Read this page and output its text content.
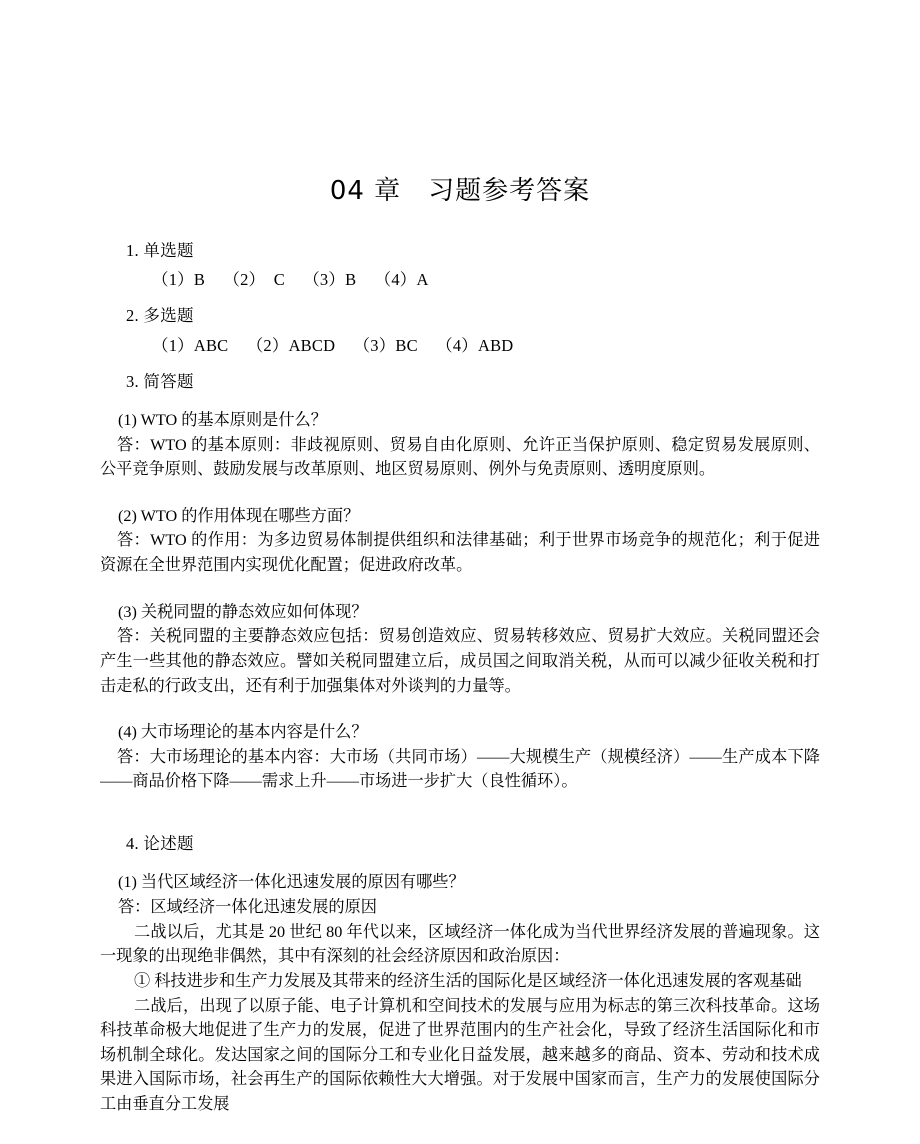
04 章　习题参考答案
1. 单选题
（1）B （2）　C （3）B （4）A
2. 多选题
（1）ABC （2）ABCD （3）BC （4）ABD
3. 简答题

(1) WTO 的基本原则是什么？

答：WTO 的基本原则：非歧视原则、贸易自由化原则、允许正当保护原则、稳定贸易发展原则、公平竞争原则、鼓励发展与改革原则、地区贸易原则、例外与免责原则、透明度原则。

(2) WTO 的作用体现在哪些方面？

答：WTO 的作用：为多边贸易体制提供组织和法律基础；利于世界市场竞争的规范化；利于促进资源在全世界范围内实现优化配置；促进政府改革。

(3) 关税同盟的静态效应如何体现？

答：关税同盟的主要静态效应包括：贸易创造效应、贸易转移效应、贸易扩大效应。关税同盟还会产生一些其他的静态效应。譬如关税同盟建立后，成员国之间取消关税，从而可以减少征收关税和打击走私的行政支出，还有利于加强集体对外谈判的力量等。

(4) 大市场理论的基本内容是什么？

答：大市场理论的基本内容：大市场（共同市场）——大规模生产（规模经济）——生产成本下降——商品价格下降——需求上升——市场进一步扩大（良性循环）。

4. 论述题

(1) 当代区域经济一体化迅速发展的原因有哪些？

答：区域经济一体化迅速发展的原因

二战以后，尤其是 20 世纪 80 年代以来，区域经济一体化成为当代世界经济发展的普遍现象。这一现象的出现绝非偶然，其中有深刻的社会经济原因和政治原因：

① 科技进步和生产力发展及其带来的经济生活的国际化是区域经济一体化迅速发展的客观基础

二战后，出现了以原子能、电子计算机和空间技术的发展与应用为标志的第三次科技革命。这场科技革命极大地促进了生产力的发展，促进了世界范围内的生产社会化，导致了经济生活国际化和市场机制全球化。发达国家之间的国际分工和专业化日益发展，越来越多的商品、资本、劳动和技术成果进入国际市场，社会再生产的国际依赖性大大增强。对于发展中国家而言，生产力的发展使国际分工由垂直分工发展
